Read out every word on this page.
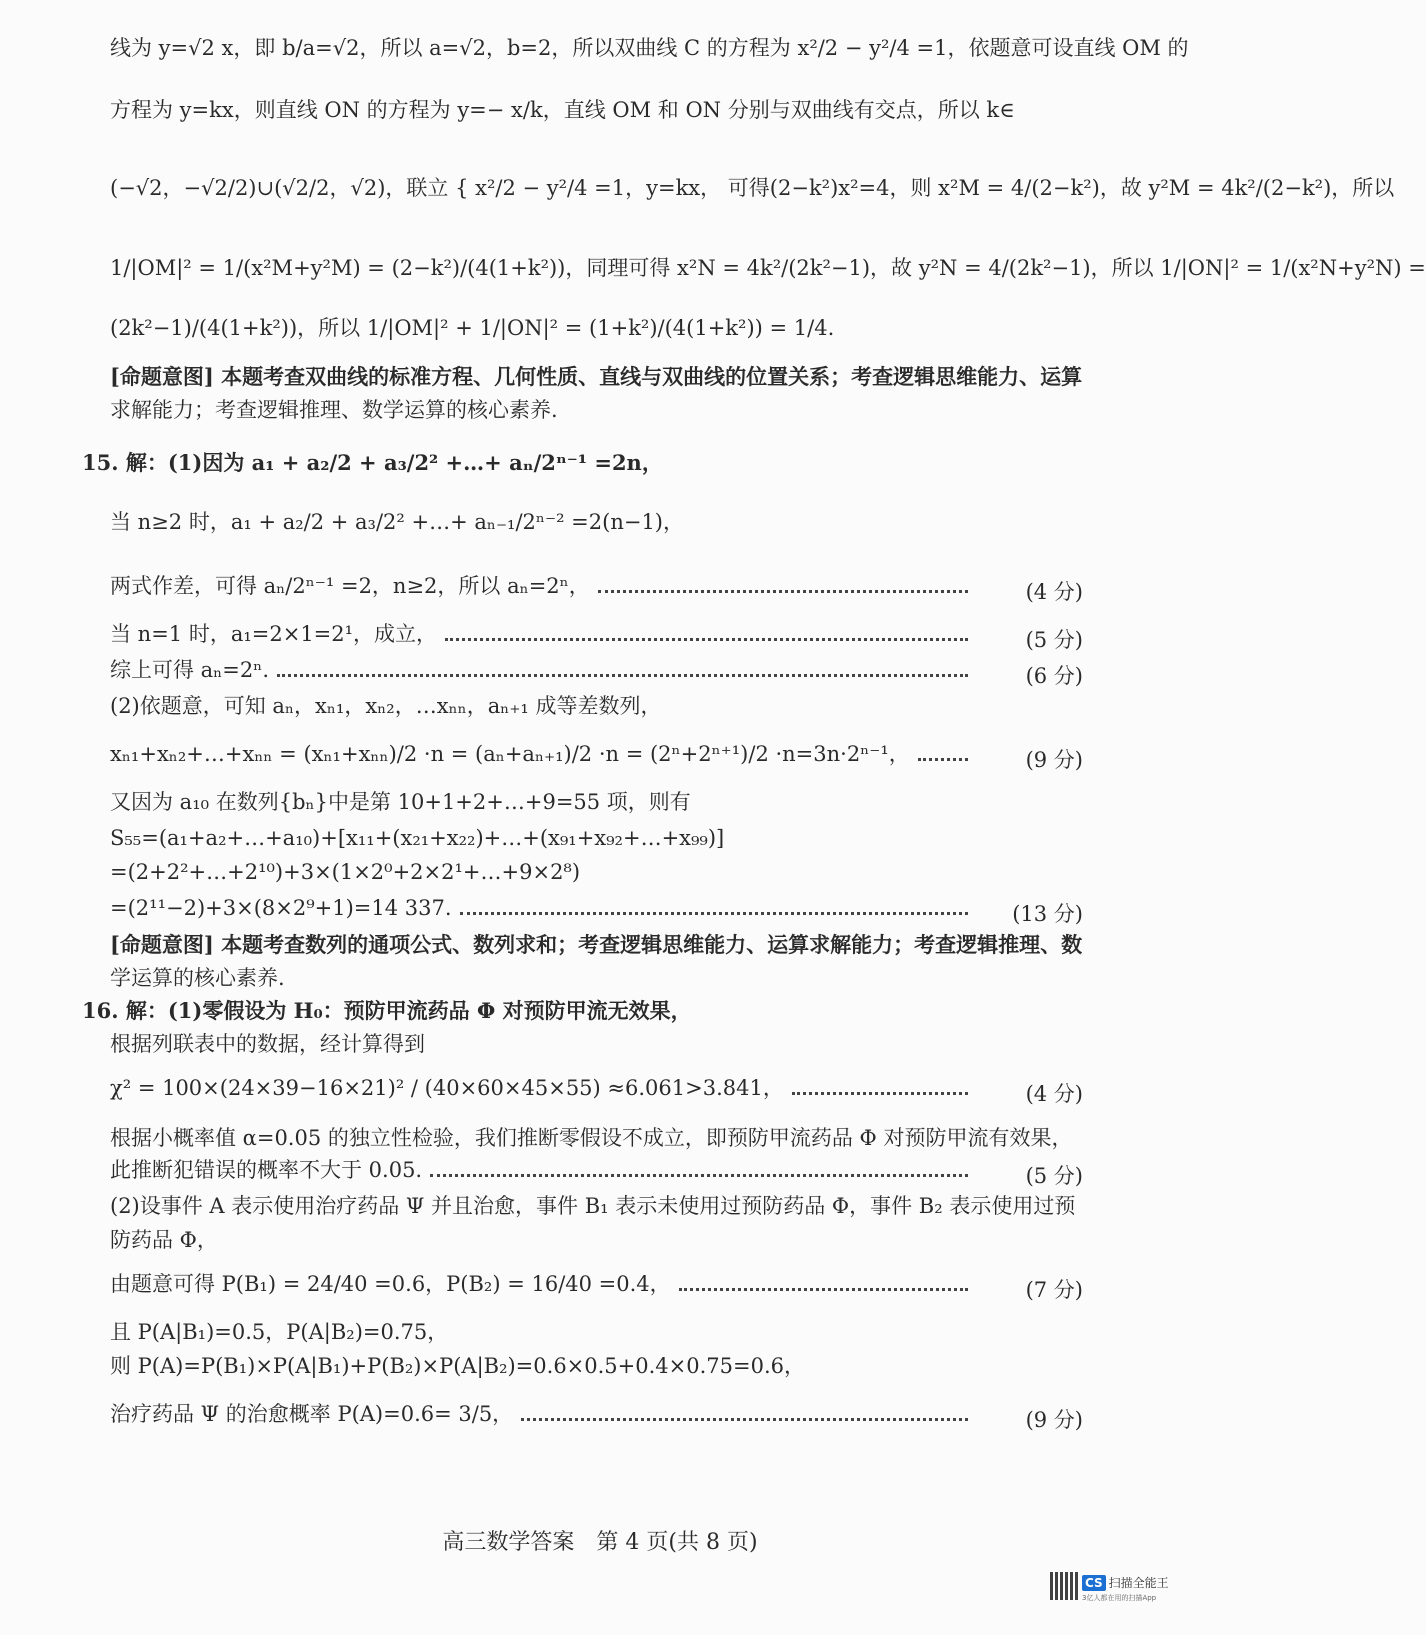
线为 y=√2 x，即 b/a=√2，所以 a=√2，b=2，所以双曲线 C 的方程为 x²/2 − y²/4 =1，依题意可设直线 OM 的
方程为 y=kx，则直线 ON 的方程为 y=− x/k，直线 OM 和 ON 分别与双曲线有交点，所以 k∈
(−√2，−√2/2)∪(√2/2，√2)，联立 { x²/2 − y²/4 =1，y=kx， 可得(2−k²)x²=4，则 x²M = 4/(2−k²)，故 y²M = 4k²/(2−k²)，所以
1/|OM|² = 1/(x²M+y²M) = (2−k²)/(4(1+k²))，同理可得 x²N = 4k²/(2k²−1)，故 y²N = 4/(2k²−1)，所以 1/|ON|² = 1/(x²N+y²N) =
(2k²−1)/(4(1+k²))，所以 1/|OM|² + 1/|ON|² = (1+k²)/(4(1+k²)) = 1/4.
[命题意图] 本题考查双曲线的标准方程、几何性质、直线与双曲线的位置关系；考查逻辑思维能力、运算
求解能力；考查逻辑推理、数学运算的核心素养.
15. 解：(1)因为 a₁ + a₂/2 + a₃/2² +…+ aₙ/2ⁿ⁻¹ =2n，
当 n≥2 时，a₁ + a₂/2 + a₃/2² +…+ aₙ₋₁/2ⁿ⁻² =2(n−1)，
两式作差，可得 aₙ/2ⁿ⁻¹ =2，n≥2，所以 aₙ=2ⁿ，	(4 分)
当 n=1 时，a₁=2×1=2¹，成立，	(5 分)
综上可得 aₙ=2ⁿ.	(6 分)
(2)依题意，可知 aₙ，xₙ₁，xₙ₂，…xₙₙ，aₙ₊₁ 成等差数列，
xₙ₁+xₙ₂+…+xₙₙ = (xₙ₁+xₙₙ)/2 ·n = (aₙ+aₙ₊₁)/2 ·n = (2ⁿ+2ⁿ⁺¹)/2 ·n=3n·2ⁿ⁻¹，	(9 分)
又因为 a₁₀ 在数列{bₙ}中是第 10+1+2+…+9=55 项，则有
S₅₅=(a₁+a₂+…+a₁₀)+[x₁₁+(x₂₁+x₂₂)+…+(x₉₁+x₉₂+…+x₉₉)]
=(2+2²+…+2¹⁰)+3×(1×2⁰+2×2¹+…+9×2⁸)
=(2¹¹−2)+3×(8×2⁹+1)=14 337.	(13 分)
[命题意图] 本题考查数列的通项公式、数列求和；考查逻辑思维能力、运算求解能力；考查逻辑推理、数
学运算的核心素养.
16. 解：(1)零假设为 H₀：预防甲流药品 Φ 对预防甲流无效果，
根据列联表中的数据，经计算得到
χ² = 100×(24×39−16×21)² / (40×60×45×55) ≈6.061>3.841，	(4 分)
根据小概率值 α=0.05 的独立性检验，我们推断零假设不成立，即预防甲流药品 Φ 对预防甲流有效果，
此推断犯错误的概率不大于 0.05.	(5 分)
(2)设事件 A 表示使用治疗药品 Ψ 并且治愈，事件 B₁ 表示未使用过预防药品 Φ，事件 B₂ 表示使用过预
防药品 Φ，
由题意可得 P(B₁) = 24/40 =0.6，P(B₂) = 16/40 =0.4，	(7 分)
且 P(A|B₁)=0.5，P(A|B₂)=0.75，
则 P(A)=P(B₁)×P(A|B₁)+P(B₂)×P(A|B₂)=0.6×0.5+0.4×0.75=0.6，
治疗药品 Ψ 的治愈概率 P(A)=0.6= 3/5，	(9 分)
高三数学答案　第 4 页(共 8 页)
CS 扫描全能王
3亿人都在用的扫描App
